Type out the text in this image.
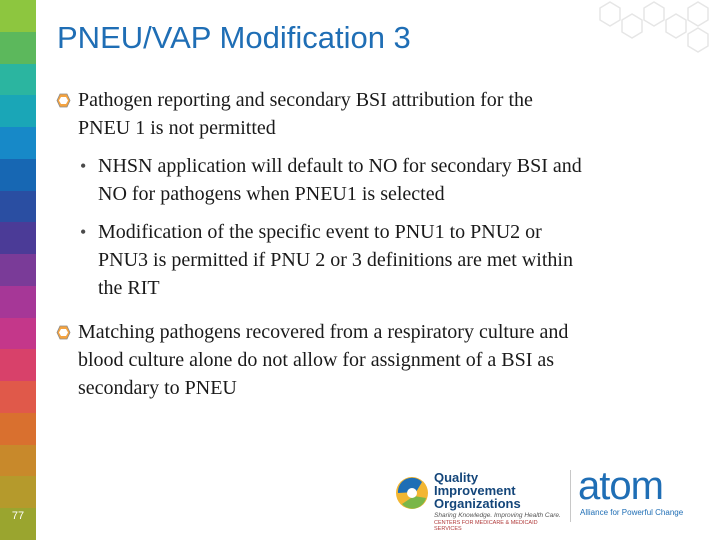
77
PNEU/VAP Modification 3
Pathogen reporting and secondary BSI attribution for the
PNEU 1 is not permitted
• NHSN application will default to NO for secondary BSI and
NO for pathogens when PNEU1 is selected
• Modification of the specific event to PNU1 to PNU2 or
PNU3 is permitted if PNU 2 or 3 definitions are met within
the RIT
Matching pathogens recovered from a respiratory culture and
blood culture alone do not allow for assignment of a BSI as
secondary to PNEU
Quality Improvement
Organizations
Sharing Knowledge. Improving Health Care.
CENTERS FOR MEDICARE & MEDICAID SERVICES
atom
Alliance for Powerful Change
